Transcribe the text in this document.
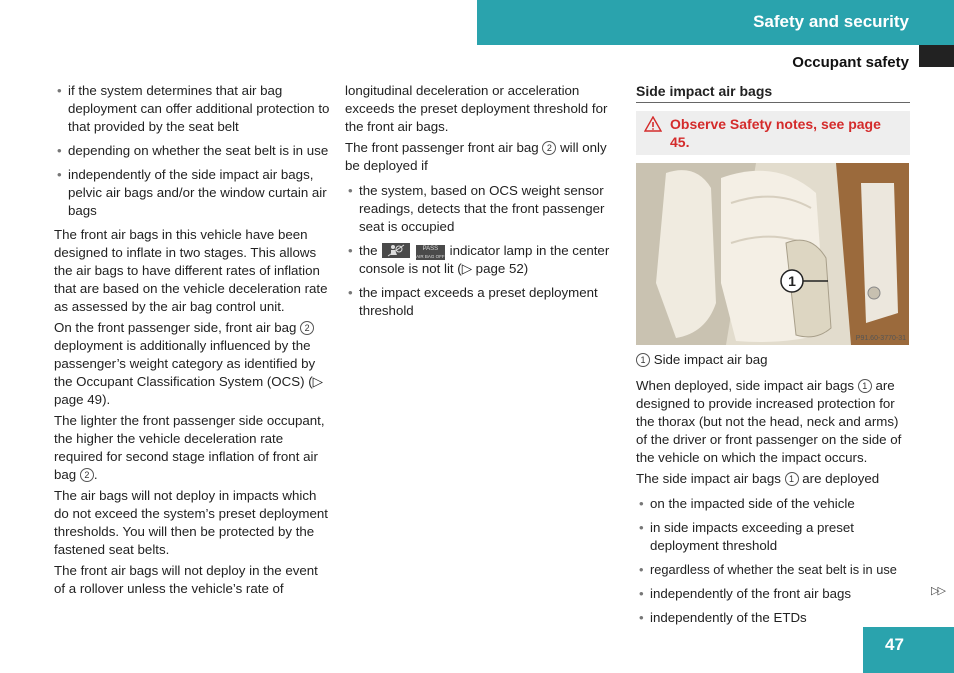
Safety and security
Occupant safety
• if the system determines that air bag deployment can offer additional protection to that provided by the seat belt
• depending on whether the seat belt is in use
• independently of the side impact air bags, pelvic air bags and/or the window curtain air bags

The front air bags in this vehicle have been designed to inflate in two stages. This allows the air bags to have different rates of inflation that are based on the vehicle deceleration rate as assessed by the air bag control unit.

On the front passenger side, front air bag 2 deployment is additionally influenced by the passenger’s weight category as identified by the Occupant Classification System (OCS) (▷ page 49).

The lighter the front passenger side occupant, the higher the vehicle deceleration rate required for second stage inflation of front air bag 2 .

The air bags will not deploy in impacts which do not exceed the system’s preset deployment thresholds. You will then be protected by the fastened seat belts.

The front air bags will not deploy in the event of a rollover unless the vehicle’s rate of

longitudinal deceleration or acceleration exceeds the preset deployment threshold for the front air bags.

The front passenger front air bag 2 will only be deployed if

• the system, based on OCS weight sensor readings, detects that the front passenger seat is occupied
• the	PASS
AIR BAG OFF indicator lamp in the center console is not lit (▷ page 52)
• the impact exceeds a preset deployment threshold
Side impact air bags
Observe Safety notes, see page 45.
1
P91.60-3770-31

1 Side impact air bag

When deployed, side impact air bags 1 are designed to provide increased protection for the thorax (but not the head, neck and arms) of the driver or front passenger on the side of the vehicle on which the impact occurs.

The side impact air bags 1 are deployed

• on the impacted side of the vehicle
• in side impacts exceeding a preset deployment threshold
• regardless of whether the seat belt is in use
• independently of the front air bags
• independently of the ETDs
▷▷
47
